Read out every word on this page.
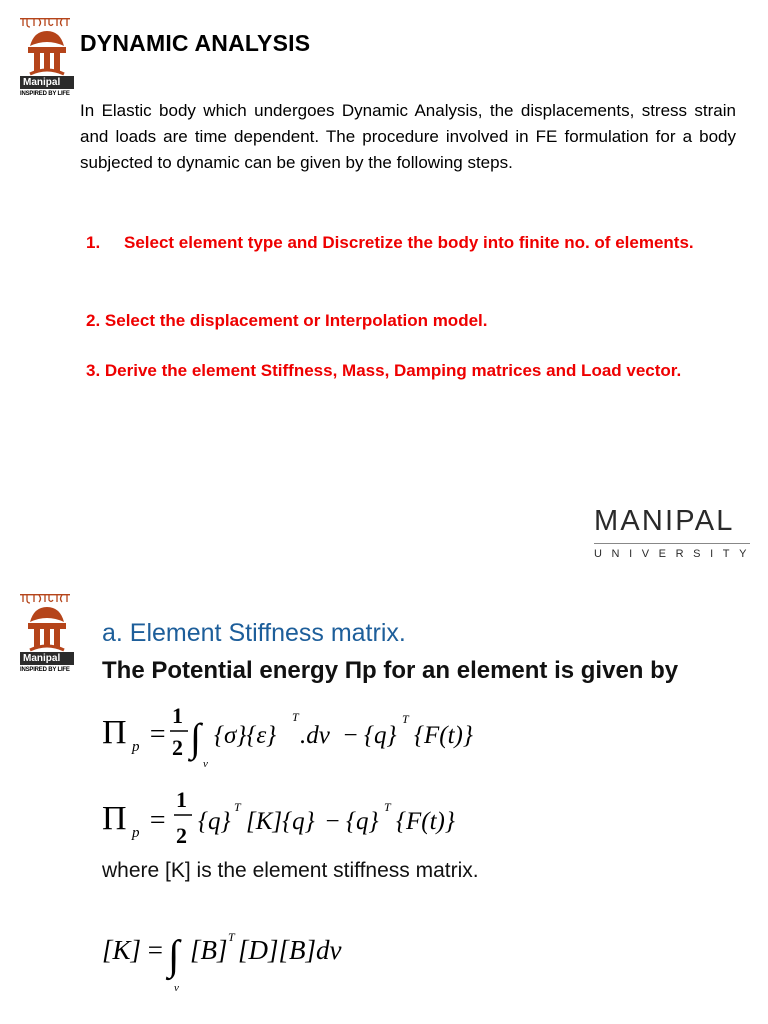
Manipal
INSPIRED BY LIFE
DYNAMIC ANALYSIS
In Elastic body which undergoes Dynamic Analysis, the displacements, stress strain and loads are time dependent. The procedure involved in FE formulation for a body subjected to dynamic can be given by the following steps.
1. Select element type and Discretize the body into finite no. of elements.
2. Select the displacement or Interpolation model.
3. Derive the element Stiffness, Mass, Damping matrices and Load vector.
MANIPAL
UNIVERSITY
Manipal
INSPIRED BY LIFE
a. Element Stiffness matrix.
The Potential energy Πp for an element is given by
Π p =
1
2 ∫
v
{σ}{ε}
T
.dv − {q}
T
{F(t)}
Π p =
1
2
{q}
T
[K]{q} − {q}
T
{F(t)}
where [K] is the element stiffness matrix.
[K] = ∫
v
[B] T [D][B]dv
